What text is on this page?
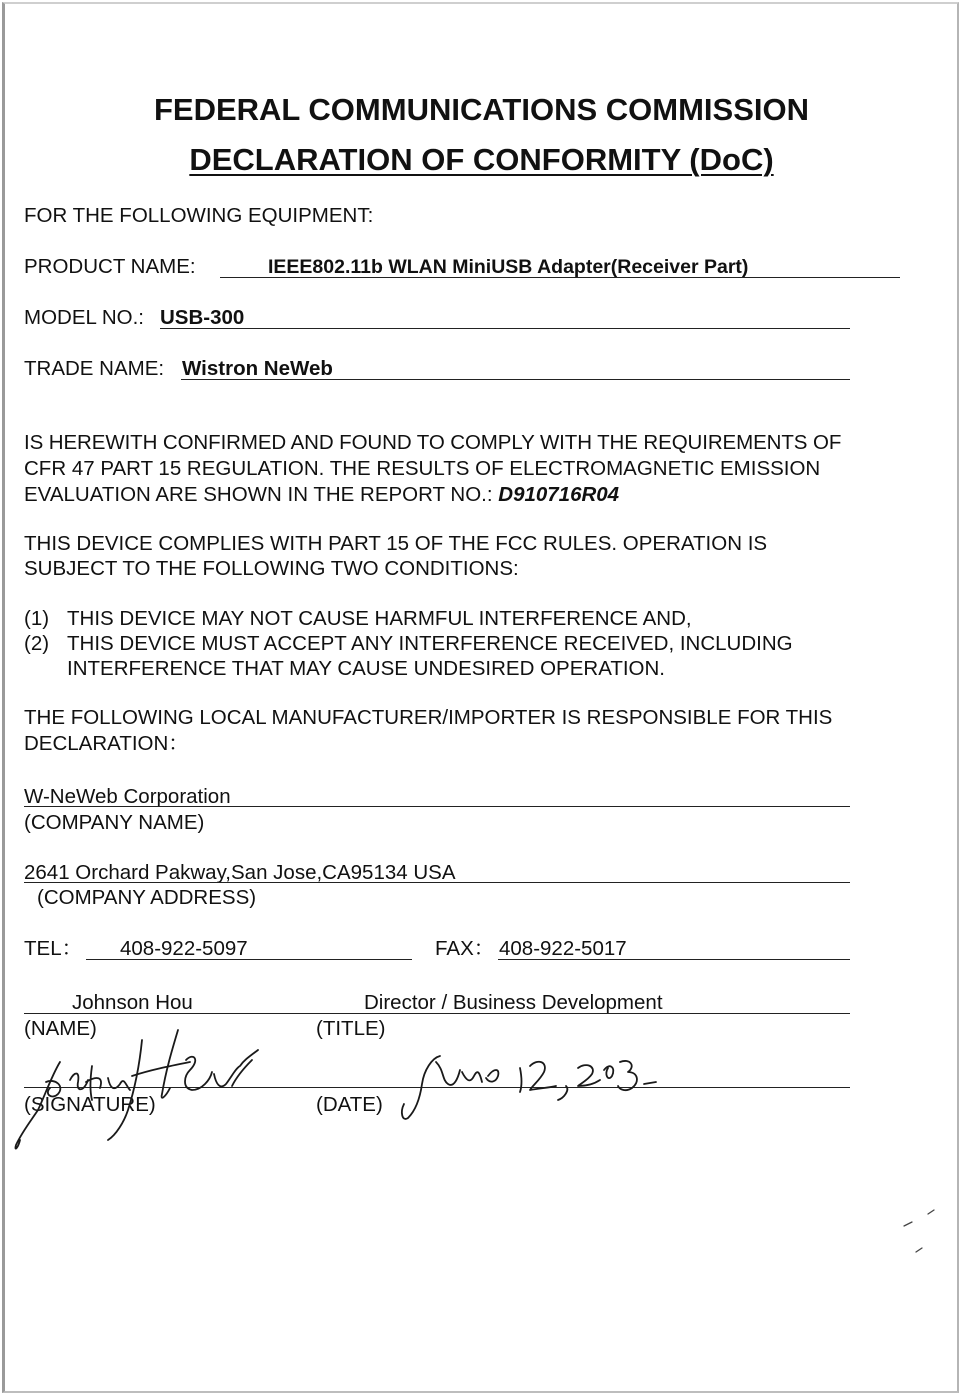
FEDERAL COMMUNICATIONS COMMISSION
DECLARATION OF CONFORMITY (DoC)
FOR THE FOLLOWING EQUIPMENT:
PRODUCT NAME:	IEEE802.11b WLAN MiniUSB Adapter(Receiver Part)
MODEL NO.: USB-300
TRADE NAME: Wistron NeWeb
IS HEREWITH CONFIRMED AND FOUND TO COMPLY WITH THE REQUIREMENTS OF
CFR 47 PART 15 REGULATION. THE RESULTS OF ELECTROMAGNETIC EMISSION
EVALUATION ARE SHOWN IN THE REPORT NO.: D910716R04
THIS DEVICE COMPLIES WITH PART 15 OF THE FCC RULES. OPERATION IS
SUBJECT TO THE FOLLOWING TWO CONDITIONS:
(1) THIS DEVICE MAY NOT CAUSE HARMFUL INTERFERENCE AND,
(2) THIS DEVICE MUST ACCEPT ANY INTERFERENCE RECEIVED, INCLUDING
INTERFERENCE THAT MAY CAUSE UNDESIRED OPERATION.
THE FOLLOWING LOCAL MANUFACTURER/IMPORTER IS RESPONSIBLE FOR THIS
DECLARATION：
W-NeWeb Corporation
(COMPANY NAME)
2641 Orchard Pakway,San Jose,CA95134 USA
(COMPANY ADDRESS)
TEL： 408-922-5097	FAX： 408-922-5017
Johnson Hou	Director / Business Development
(NAME)	(TITLE)
(SIGNATURE)	(DATE)
